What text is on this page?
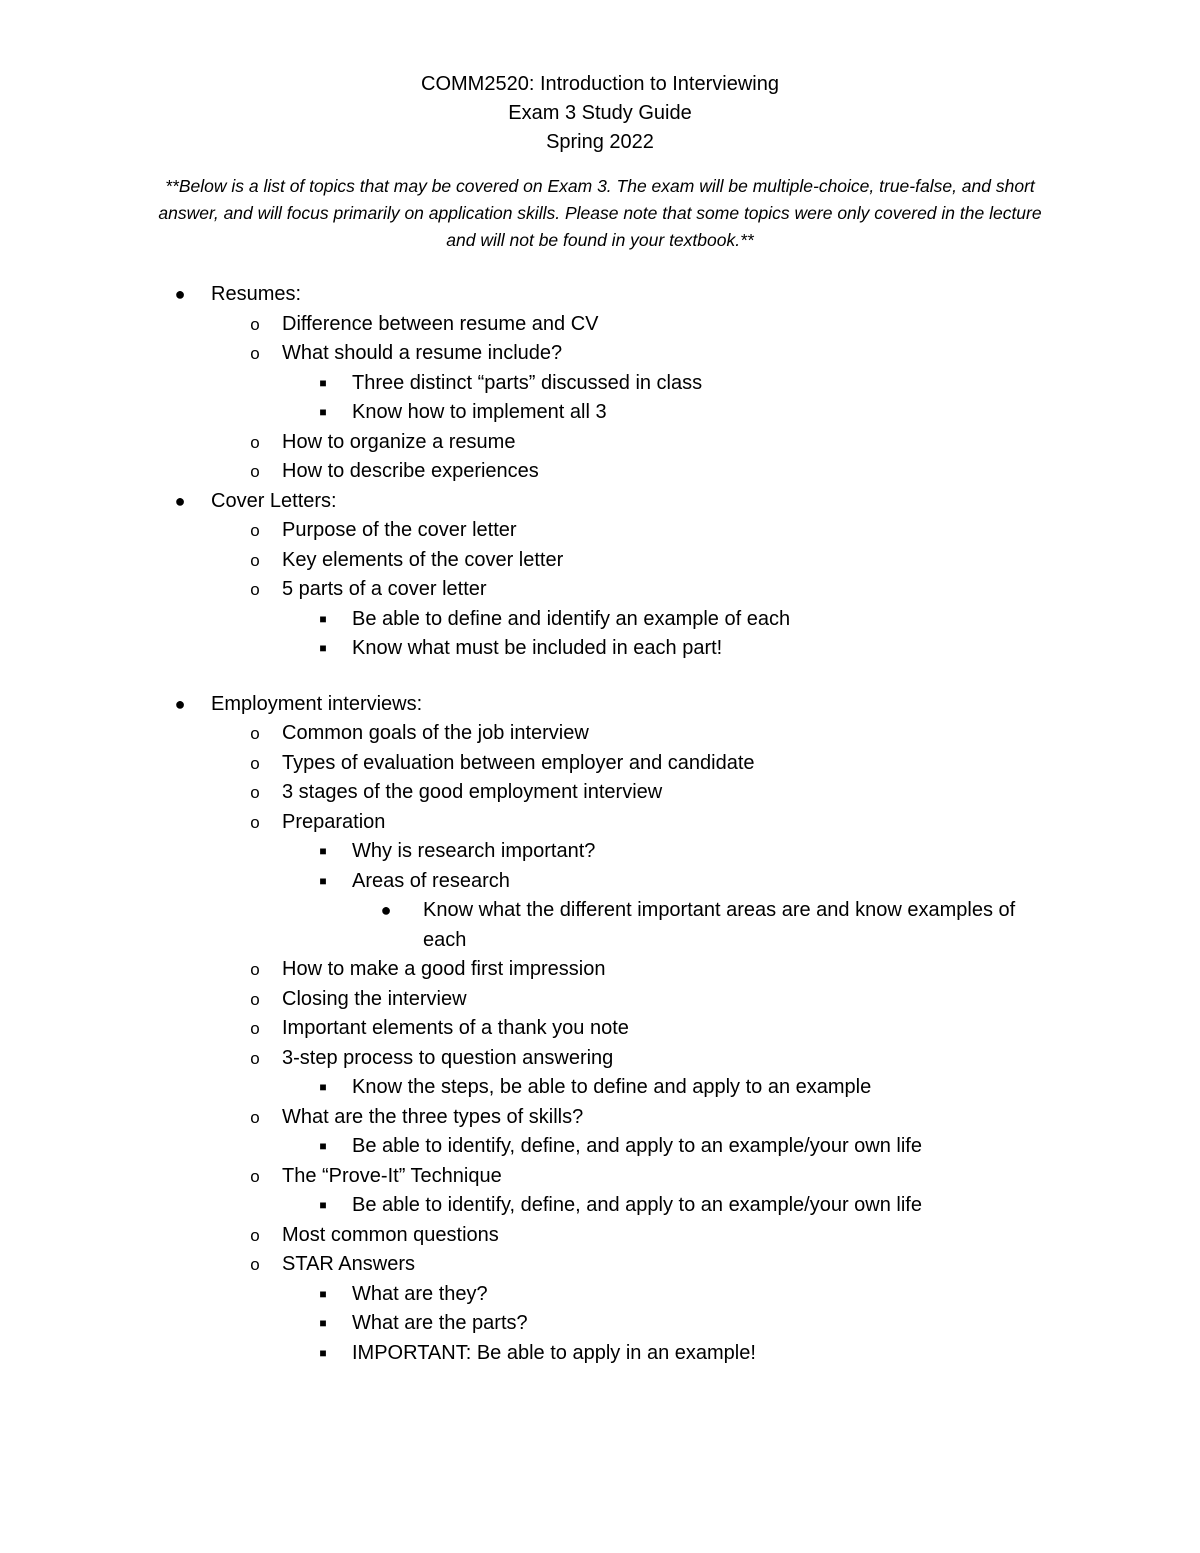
COMM2520: Introduction to Interviewing
Exam 3 Study Guide
Spring 2022
**Below is a list of topics that may be covered on Exam 3. The exam will be multiple-choice, true-false, and short answer, and will focus primarily on application skills. Please note that some topics were only covered in the lecture and will not be found in your textbook.**
● Resumes:
o Difference between resume and CV
o What should a resume include?
■	Three distinct “parts” discussed in class
■	Know how to implement all 3
o How to organize a resume
o How to describe experiences
● Cover Letters:
o Purpose of the cover letter
o Key elements of the cover letter
o 5 parts of a cover letter
■	Be able to define and identify an example of each
■	Know what must be included in each part!
● Employment interviews:
o Common goals of the job interview
o Types of evaluation between employer and candidate
o 3 stages of the good employment interview
o Preparation
■	Why is research important?
■	Areas of research
● Know what the different important areas are and know examples of each
o How to make a good first impression
o Closing the interview
o Important elements of a thank you note
o 3-step process to question answering
■	Know the steps, be able to define and apply to an example
o What are the three types of skills?
■	Be able to identify, define, and apply to an example/your own life
o The “Prove-It” Technique
■	Be able to identify, define, and apply to an example/your own life
o Most common questions
o STAR Answers
■	What are they?
■	What are the parts?
■	IMPORTANT: Be able to apply in an example!
